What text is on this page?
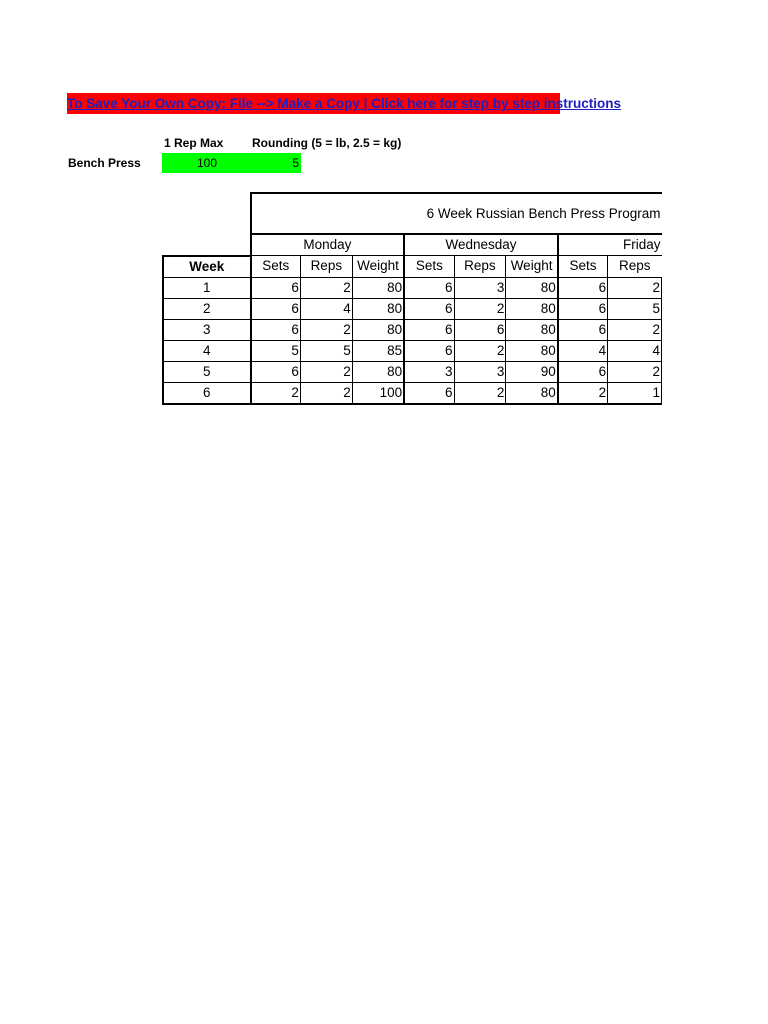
To Save Your Own Copy: File --> Make a Copy | Click here for step by step instructions
1 Rep Max Rounding (5 = lb, 2.5 = kg)
Bench Press	100	5
	6 Week Russian Bench Press Program							
	Monday			Wednesday			Friday	
Week	Sets	Reps	Weight	Sets	Reps	Weight	Sets	Reps
1	6	2	80	6	3	80	6	2
2	6	4	80	6	2	80	6	5
3	6	2	80	6	6	80	6	2
4	5	5	85	6	2	80	4	4
5	6	2	80	3	3	90	6	2
6	2	2	100	6	2	80	2	1
